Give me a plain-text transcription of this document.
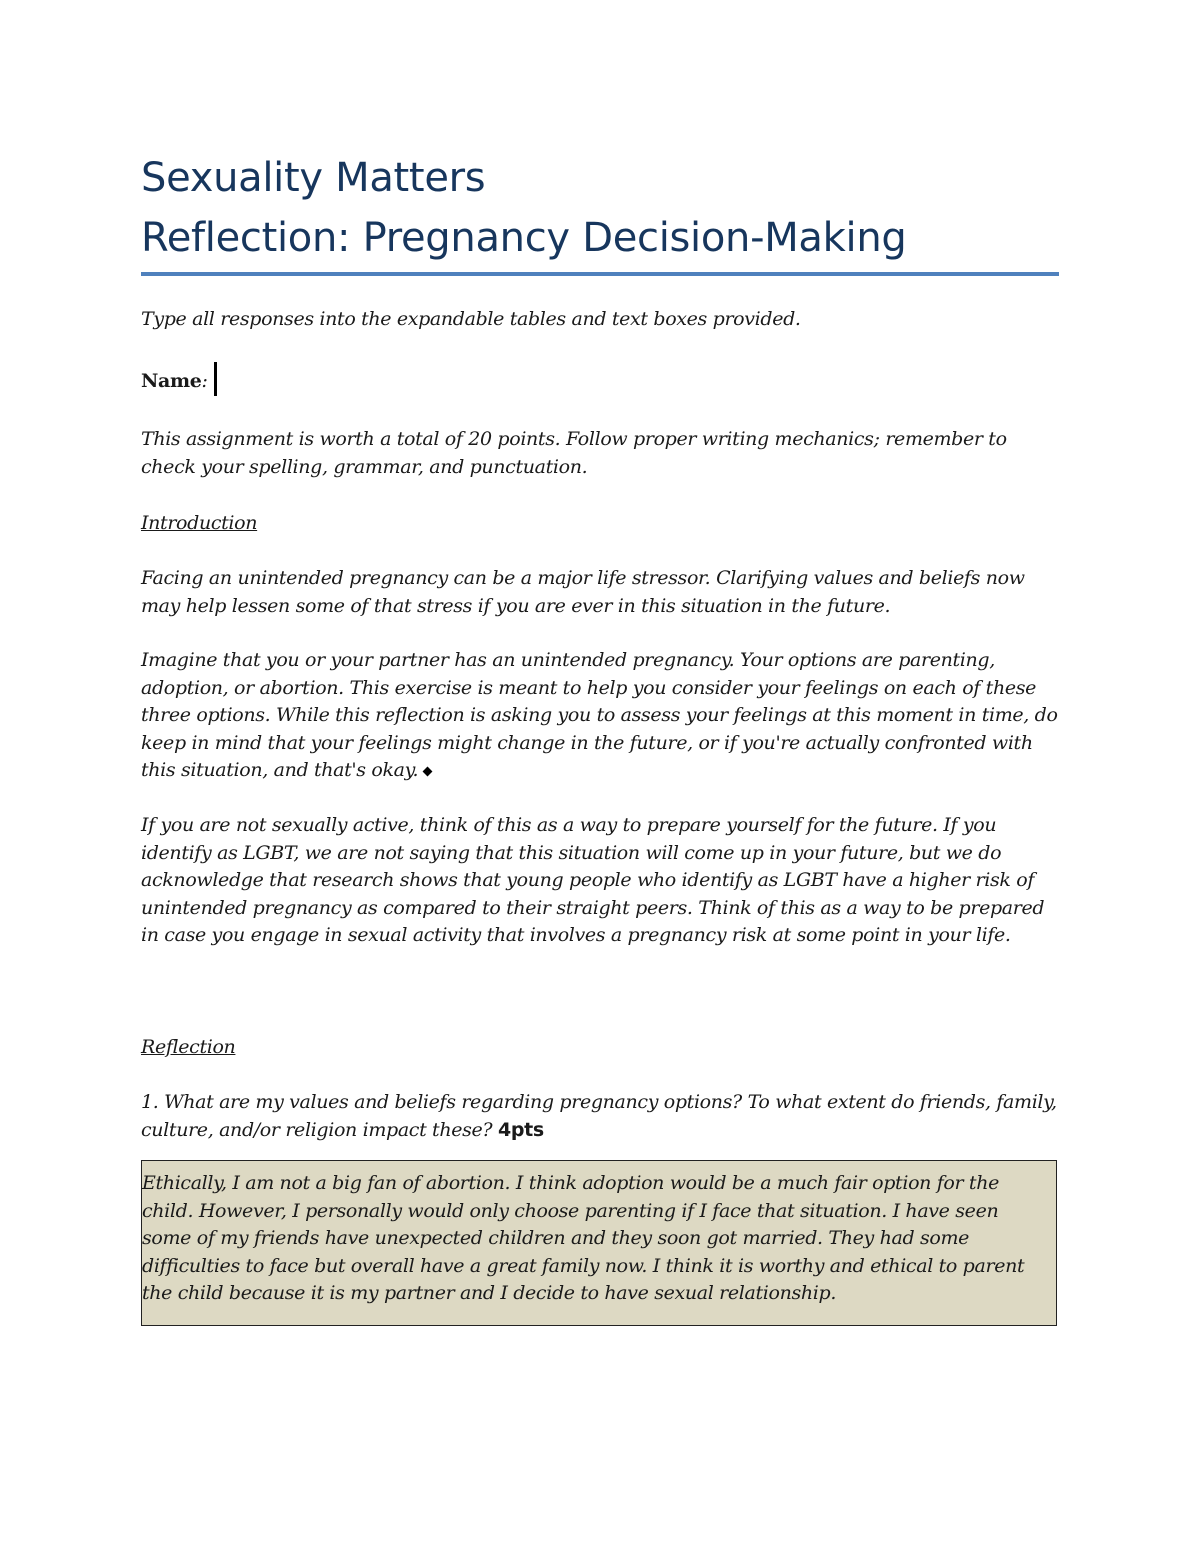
Sexuality Matters
Reflection: Pregnancy Decision-Making

Type all responses into the expandable tables and text boxes provided.

Name:

This assignment is worth a total of 20 points. Follow proper writing mechanics; remember to check your spelling, grammar, and punctuation.

Introduction

Facing an unintended pregnancy can be a major life stressor. Clarifying values and beliefs now may help lessen some of that stress if you are ever in this situation in the future.

Imagine that you or your partner has an unintended pregnancy. Your options are parenting, adoption, or abortion. This exercise is meant to help you consider your feelings on each of these three options. While this reflection is asking you to assess your feelings at this moment in time, do keep in mind that your feelings might change in the future, or if you're actually confronted with this situation, and that's okay.

If you are not sexually active, think of this as a way to prepare yourself for the future. If you identify as LGBT, we are not saying that this situation will come up in your future, but we do acknowledge that research shows that young people who identify as LGBT have a higher risk of unintended pregnancy as compared to their straight peers. Think of this as a way to be prepared in case you engage in sexual activity that involves a pregnancy risk at some point in your life.

Reflection

1. What are my values and beliefs regarding pregnancy options? To what extent do friends, family, culture, and/or religion impact these? 4pts

Ethically, I am not a big fan of abortion. I think adoption would be a much fair option for the child. However, I personally would only choose parenting if I face that situation. I have seen some of my friends have unexpected children and they soon got married. They had some difficulties to face but overall have a great family now. I think it is worthy and ethical to parent the child because it is my partner and I decide to have sexual relationship.
